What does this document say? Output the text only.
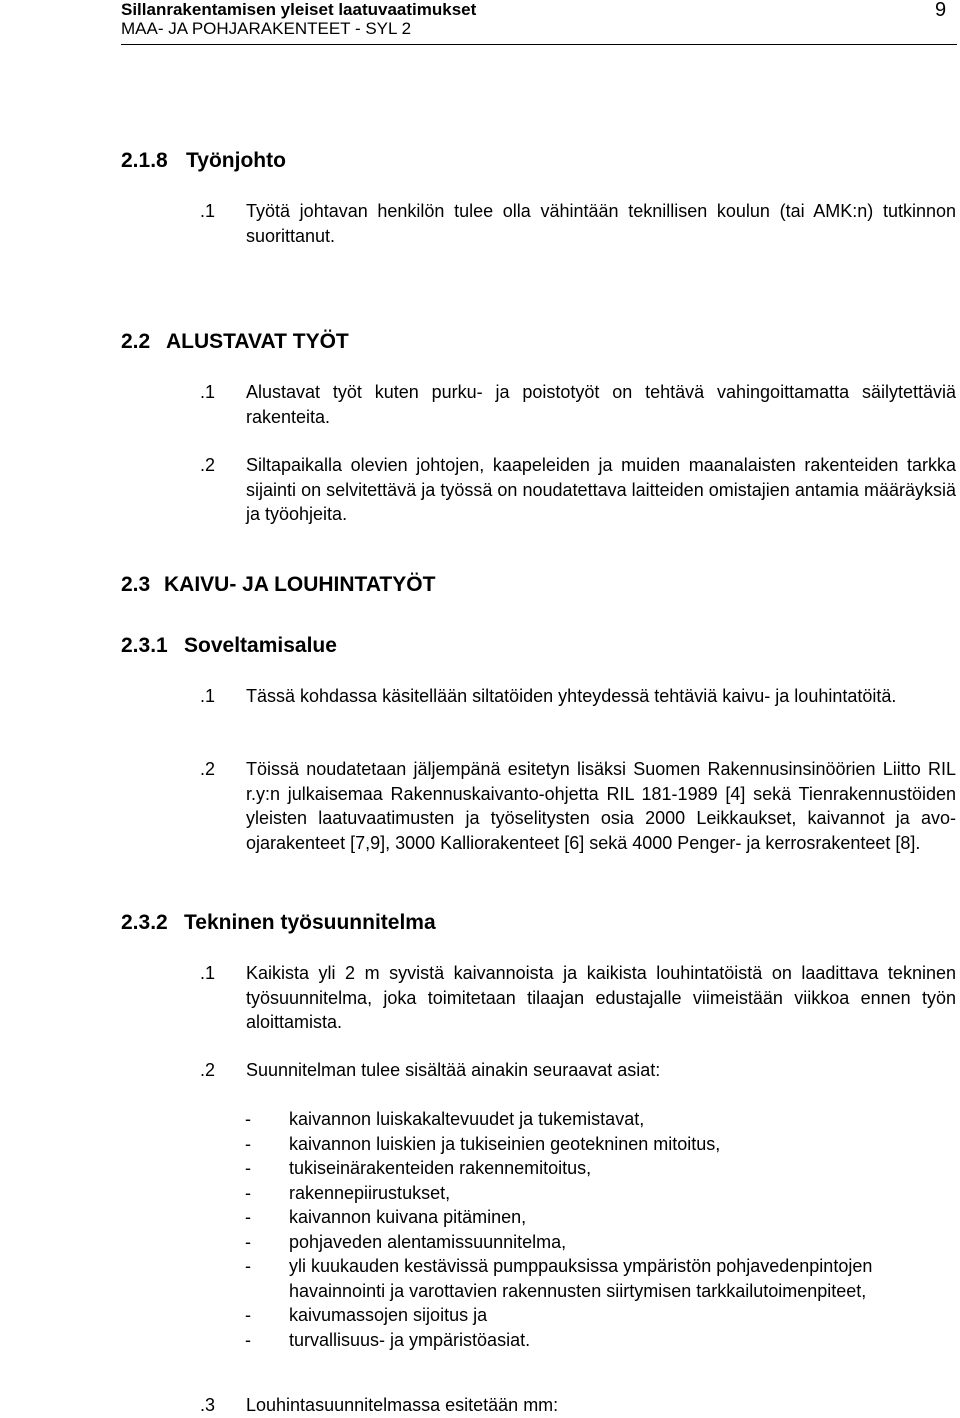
Sillanrakentamisen yleiset laatuvaatimukset
MAA- JA POHJARAKENTEET - SYL 2
9
2.1.8 Työnjohto
.1 Työtä johtavan henkilön tulee olla vähintään teknillisen koulun (tai AMK:n) tutkinnon suorittanut.
2.2 ALUSTAVAT TYÖT
.1 Alustavat työt kuten purku- ja poistotyöt on tehtävä vahingoittamatta säilytettäviä rakenteita.
.2 Siltapaikalla olevien johtojen, kaapeleiden ja muiden maanalaisten rakenteiden tarkka sijainti on selvitettävä ja työssä on noudatettava laitteiden omistajien antamia määräyksiä ja työohjeita.
2.3 KAIVU- JA LOUHINTATYÖT
2.3.1 Soveltamisalue
.1 Tässä kohdassa käsitellään siltatöiden yhteydessä tehtäviä kaivu- ja louhintatöitä.
.2 Töissä noudatetaan jäljempänä esitetyn lisäksi Suomen Rakennusinsinöörien Liitto RIL r.y:n julkaisemaa Rakennuskaivanto-ohjetta RIL 181-1989 [4] sekä Tienrakennustöiden yleisten laatuvaatimusten ja työselitysten osia 2000 Leikkaukset, kaivannot ja avo-ojarakenteet [7,9], 3000 Kalliorakenteet [6] sekä 4000 Penger- ja kerrosrakenteet [8].
2.3.2 Tekninen työsuunnitelma
.1 Kaikista yli 2 m syvistä kaivannoista ja kaikista louhintatöistä on laadittava tekninen työsuunnitelma, joka toimitetaan tilaajan edustajalle viimeistään viikkoa ennen työn aloittamista.
.2 Suunnitelman tulee sisältää ainakin seuraavat asiat:
- kaivannon luiskakaltevuudet ja tukemistavat,
- kaivannon luiskien ja tukiseinien geotekninen mitoitus,
- tukiseinärakenteiden rakennemitoitus,
- rakennepiirustukset,
- kaivannon kuivana pitäminen,
- pohjaveden alentamissuunnitelma,
- yli kuukauden kestävissä pumppauksissa ympäristön pohjavedenpintojen havainnointi ja varottavien rakennusten siirtymisen tarkkailutoimenpiteet,
- kaivumassojen sijoitus ja
- turvallisuus- ja ympäristöasiat.
.3 Louhintasuunnitelmassa esitetään mm:
